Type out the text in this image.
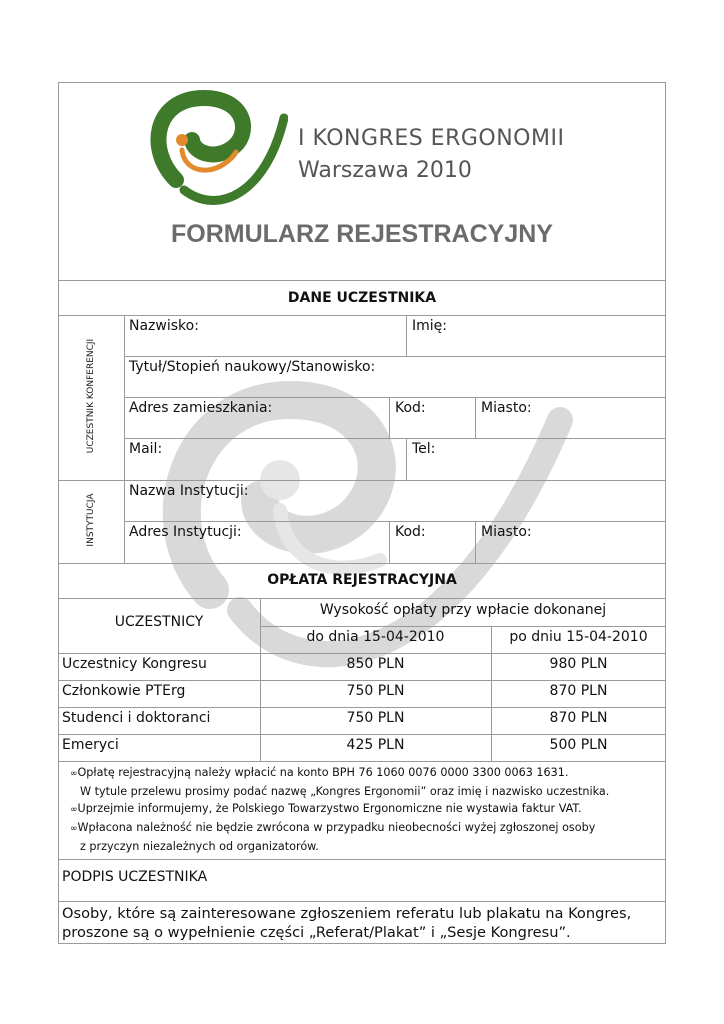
I KONGRES ERGONOMII
Warszawa 2010
FORMULARZ REJESTRACYJNY
DANE UCZESTNIKA
UCZESTNIK KONFERENCJI
INSTYTUCJA
Nazwisko:	Imię:
Tytuł/Stopień naukowy/Stanowisko:
Adres zamieszkania:	Kod:	Miasto:
Mail:	Tel:
Nazwa Instytucji:
Adres Instytucji:	Kod:	Miasto:
OPŁATA REJESTRACYJNA
UCZESTNICY
Wysokość opłaty przy wpłacie dokonanej
do dnia 15-04-2010	po dniu 15-04-2010
Uczestnicy Kongresu	850 PLN	980 PLN
Członkowie PTErg	750 PLN	870 PLN
Studenci i doktoranci	750 PLN	870 PLN
Emeryci	425 PLN	500 PLN
∞Opłatę rejestracyjną należy wpłacić na konto BPH 76 1060 0076 0000 3300 0063 1631.
W tytule przelewu prosimy podać nazwę „Kongres Ergonomii” oraz imię i nazwisko uczestnika.
∞Uprzejmie informujemy, że Polskiego Towarzystwo Ergonomiczne nie wystawia faktur VAT.
∞Wpłacona należność nie będzie zwrócona w przypadku nieobecności wyżej zgłoszonej osoby
z przyczyn niezależnych od organizatorów.
PODPIS UCZESTNIKA
Osoby, które są zainteresowane zgłoszeniem referatu lub plakatu na Kongres,
proszone są o wypełnienie części „Referat/Plakat” i „Sesje Kongresu”.
